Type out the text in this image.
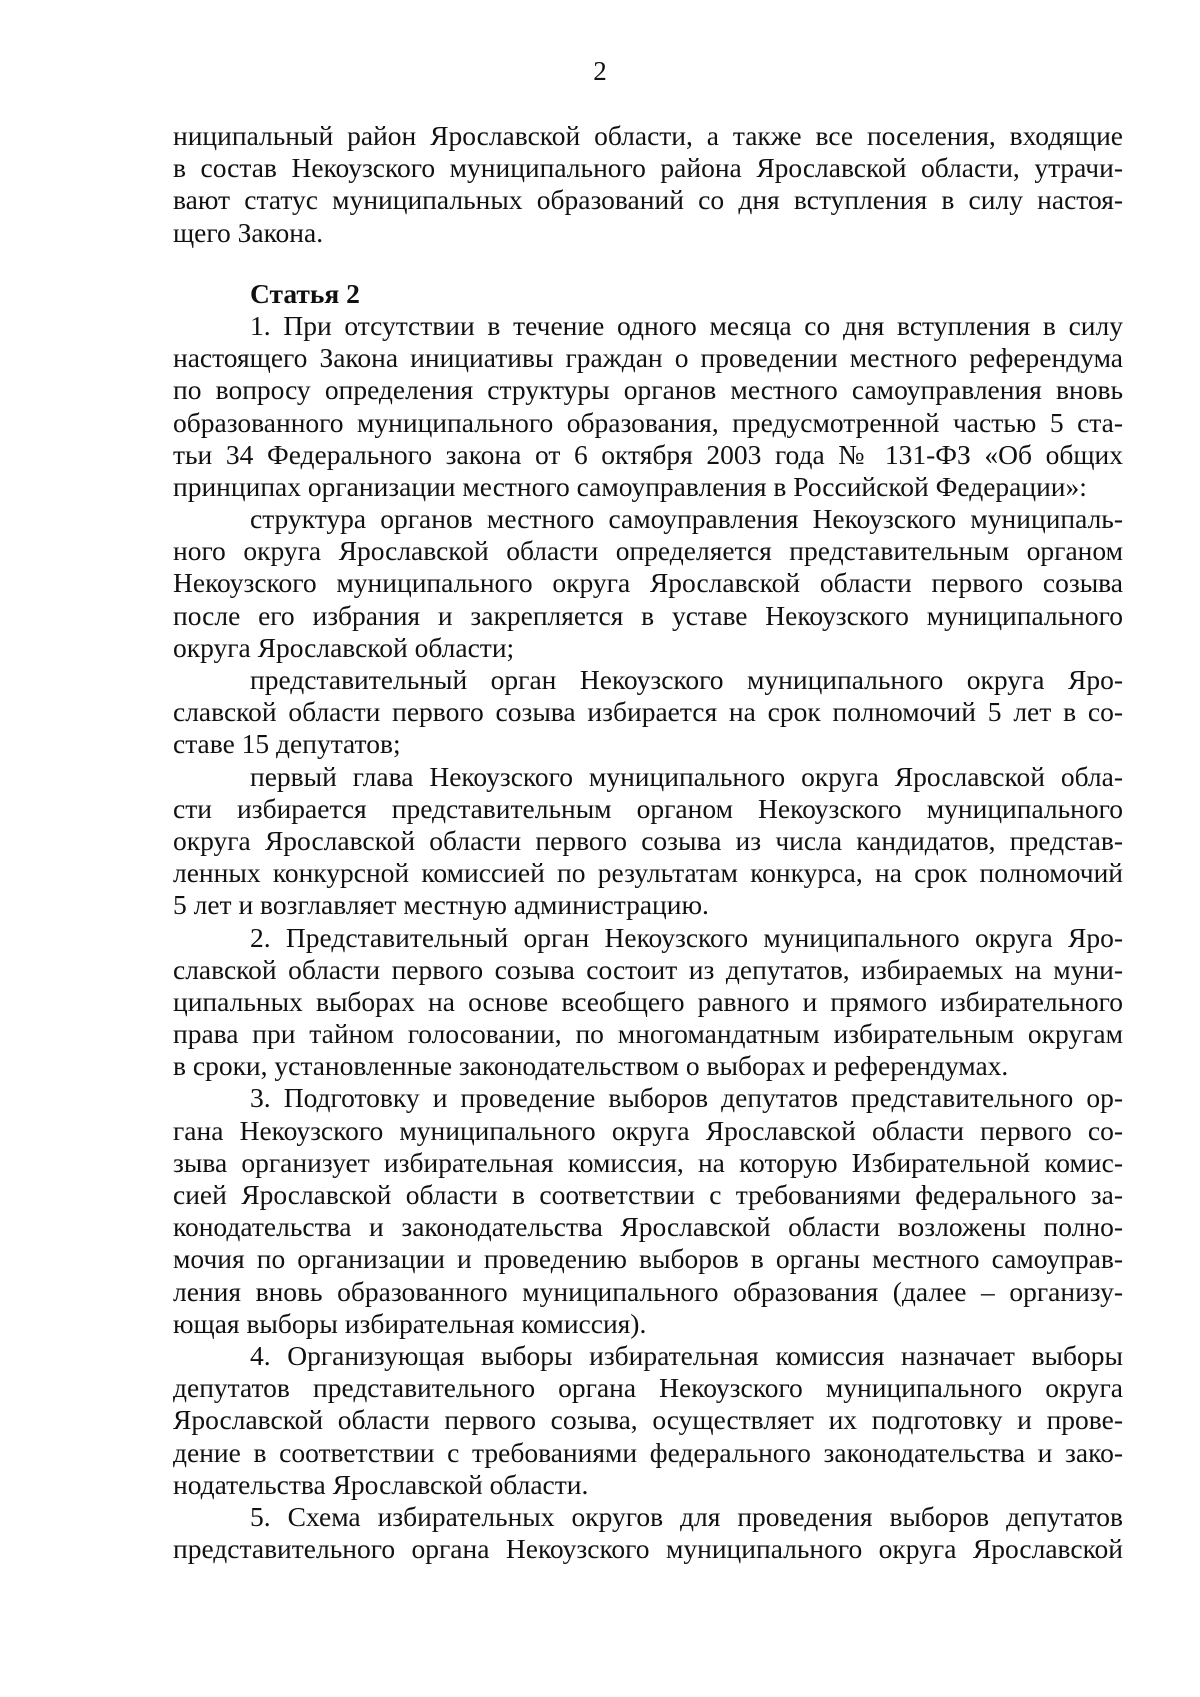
2
ниципальный район Ярославской области, а также все поселения, входящие
в состав Некоузского муниципального района Ярославской области, утрачи-
вают статус муниципальных образований со дня вступления в силу настоя-
щего Закона.
Статья 2
1. При отсутствии в течение одного месяца со дня вступления в силу
настоящего Закона инициативы граждан о проведении местного референдума
по вопросу определения структуры органов местного самоуправления вновь
образованного муниципального образования, предусмотренной частью 5 ста-
тьи 34 Федерального закона от 6 октября 2003 года № 131-ФЗ «Об общих
принципах организации местного самоуправления в Российской Федерации»:
структура органов местного самоуправления Некоузского муниципаль-
ного округа Ярославской области определяется представительным органом
Некоузского муниципального округа Ярославской области первого созыва
после его избрания и закрепляется в уставе Некоузского муниципального
округа Ярославской области;
представительный орган Некоузского муниципального округа Яро-
славской области первого созыва избирается на срок полномочий 5 лет в со-
ставе 15 депутатов;
первый глава Некоузского муниципального округа Ярославской обла-
сти избирается представительным органом Некоузского муниципального
округа Ярославской области первого созыва из числа кандидатов, представ-
ленных конкурсной комиссией по результатам конкурса, на срок полномочий
5 лет и возглавляет местную администрацию.
2. Представительный орган Некоузского муниципального округа Яро-
славской области первого созыва состоит из депутатов, избираемых на муни-
ципальных выборах на основе всеобщего равного и прямого избирательного
права при тайном голосовании, по многомандатным избирательным округам
в сроки, установленные законодательством о выборах и референдумах.
3. Подготовку и проведение выборов депутатов представительного ор-
гана Некоузского муниципального округа Ярославской области первого со-
зыва организует избирательная комиссия, на которую Избирательной комис-
сией Ярославской области в соответствии с требованиями федерального за-
конодательства и законодательства Ярославской области возложены полно-
мочия по организации и проведению выборов в органы местного самоуправ-
ления вновь образованного муниципального образования (далее – организу-
ющая выборы избирательная комиссия).
4. Организующая выборы избирательная комиссия назначает выборы
депутатов представительного органа Некоузского муниципального округа
Ярославской области первого созыва, осуществляет их подготовку и прове-
дение в соответствии с требованиями федерального законодательства и зако-
нодательства Ярославской области.
5. Схема избирательных округов для проведения выборов депутатов
представительного органа Некоузского муниципального округа Ярославской
